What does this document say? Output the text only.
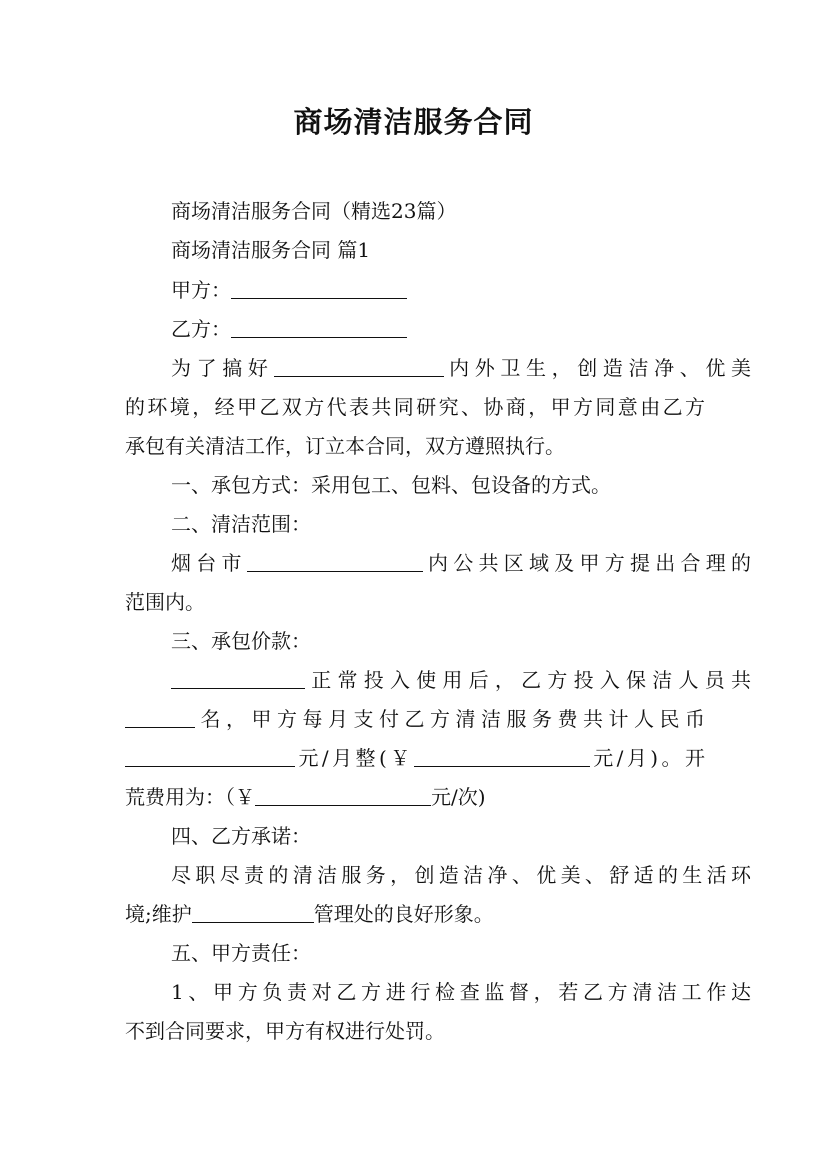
商场清洁服务合同
商场清洁服务合同（精选23篇）
商场清洁服务合同 篇1
甲方：
乙方：
为了搞好	内外卫生，创造洁净、优美
的环境，经甲乙双方代表共同研究、协商，甲方同意由乙方
承包有关清洁工作，订立本合同，双方遵照执行。
一、承包方式：采用包工、包料、包设备的方式。
二、清洁范围：
烟台市	内公共区域及甲方提出合理的
范围内。
三、承包价款：
正常投入使用后，乙方投入保洁人员共
名，甲方每月支付乙方清洁服务费共计人民币
元/月整(￥	元/月)。开
荒费用为：（￥	元/次)
四、乙方承诺：
尽职尽责的清洁服务，创造洁净、优美、舒适的生活环
境;维护	管理处的良好形象。
五、甲方责任：
1、甲方负责对乙方进行检查监督，若乙方清洁工作达
不到合同要求，甲方有权进行处罚。
